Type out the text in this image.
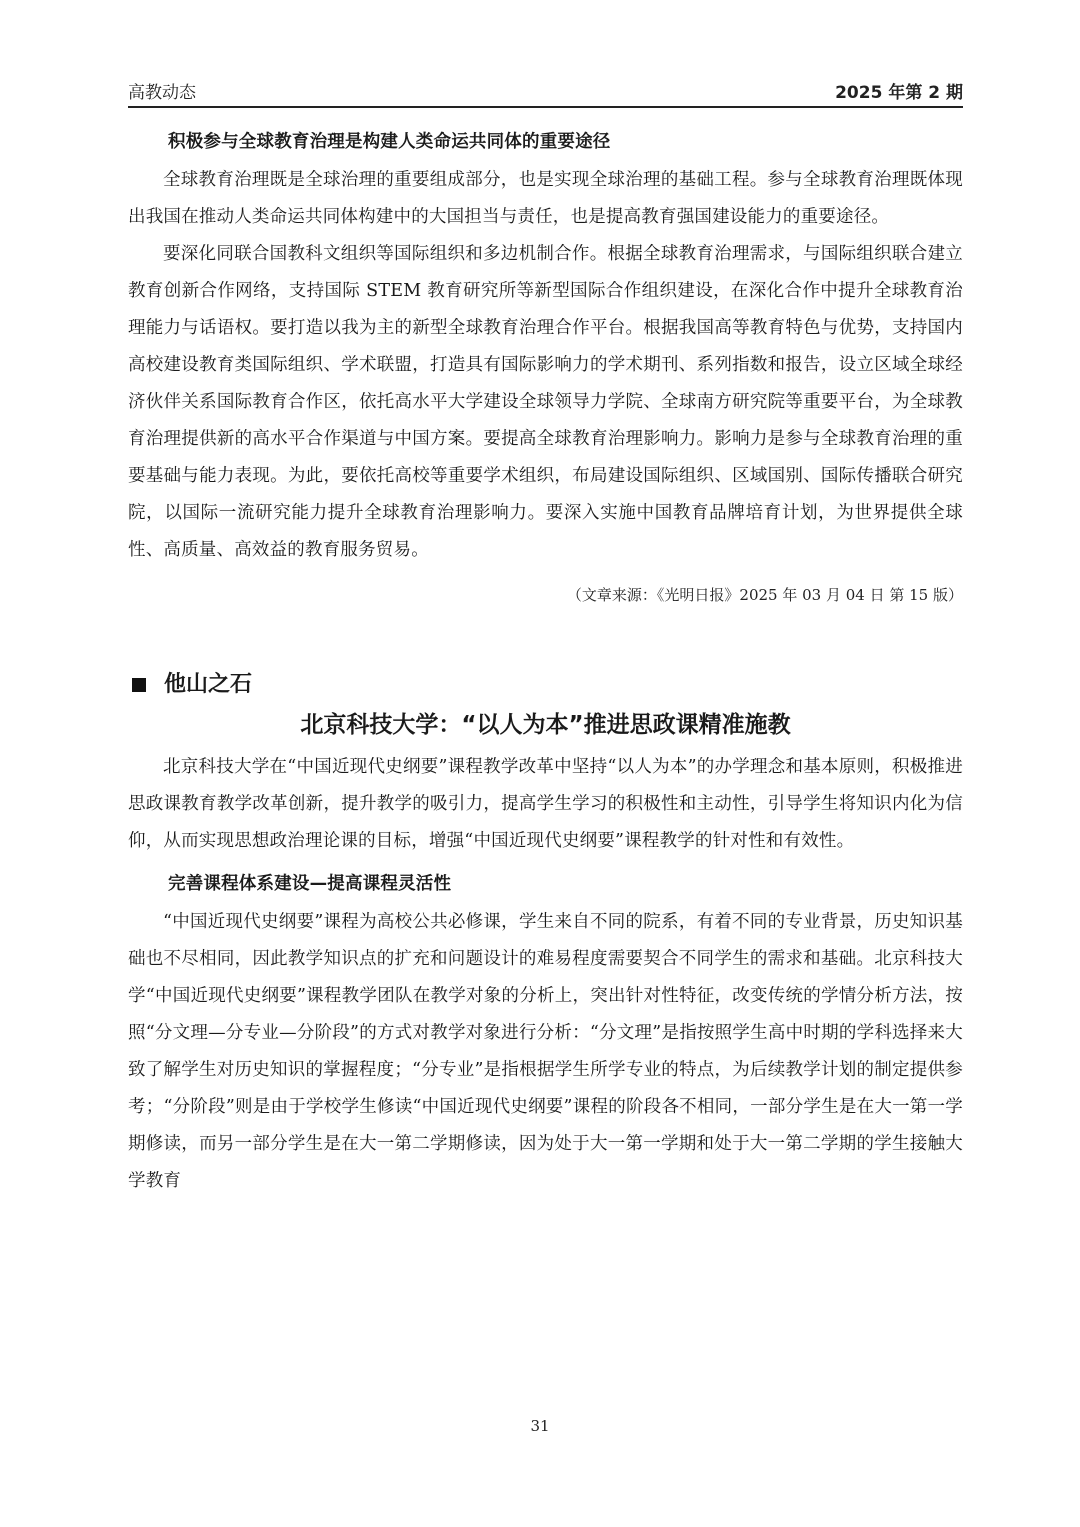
高教动态	2025 年第 2 期
积极参与全球教育治理是构建人类命运共同体的重要途径

全球教育治理既是全球治理的重要组成部分，也是实现全球治理的基础工程。参与全球教育治理既体现出我国在推动人类命运共同体构建中的大国担当与责任，也是提高教育强国建设能力的重要途径。

要深化同联合国教科文组织等国际组织和多边机制合作。根据全球教育治理需求，与国际组织联合建立教育创新合作网络，支持国际 STEM 教育研究所等新型国际合作组织建设，在深化合作中提升全球教育治理能力与话语权。要打造以我为主的新型全球教育治理合作平台。根据我国高等教育特色与优势，支持国内高校建设教育类国际组织、学术联盟，打造具有国际影响力的学术期刊、系列指数和报告，设立区域全球经济伙伴关系国际教育合作区，依托高水平大学建设全球领导力学院、全球南方研究院等重要平台，为全球教育治理提供新的高水平合作渠道与中国方案。要提高全球教育治理影响力。影响力是参与全球教育治理的重要基础与能力表现。为此，要依托高校等重要学术组织，布局建设国际组织、区域国别、国际传播联合研究院，以国际一流研究能力提升全球教育治理影响力。要深入实施中国教育品牌培育计划，为世界提供全球性、高质量、高效益的教育服务贸易。

（文章来源：《光明日报》2025 年 03 月 04 日 第 15 版）
他山之石
北京科技大学：“以人为本”推进思政课精准施教

北京科技大学在“中国近现代史纲要”课程教学改革中坚持“以人为本”的办学理念和基本原则，积极推进思政课教育教学改革创新，提升教学的吸引力，提高学生学习的积极性和主动性，引导学生将知识内化为信仰，从而实现思想政治理论课的目标，增强“中国近现代史纲要”课程教学的针对性和有效性。

完善课程体系建设—提高课程灵活性

“中国近现代史纲要”课程为高校公共必修课，学生来自不同的院系，有着不同的专业背景，历史知识基础也不尽相同，因此教学知识点的扩充和问题设计的难易程度需要契合不同学生的需求和基础。北京科技大学“中国近现代史纲要”课程教学团队在教学对象的分析上，突出针对性特征，改变传统的学情分析方法，按照“分文理—分专业—分阶段”的方式对教学对象进行分析：“分文理”是指按照学生高中时期的学科选择来大致了解学生对历史知识的掌握程度；“分专业”是指根据学生所学专业的特点，为后续教学计划的制定提供参考；“分阶段”则是由于学校学生修读“中国近现代史纲要”课程的阶段各不相同，一部分学生是在大一第一学期修读，而另一部分学生是在大一第二学期修读，因为处于大一第一学期和处于大一第二学期的学生接触大学教育

31
